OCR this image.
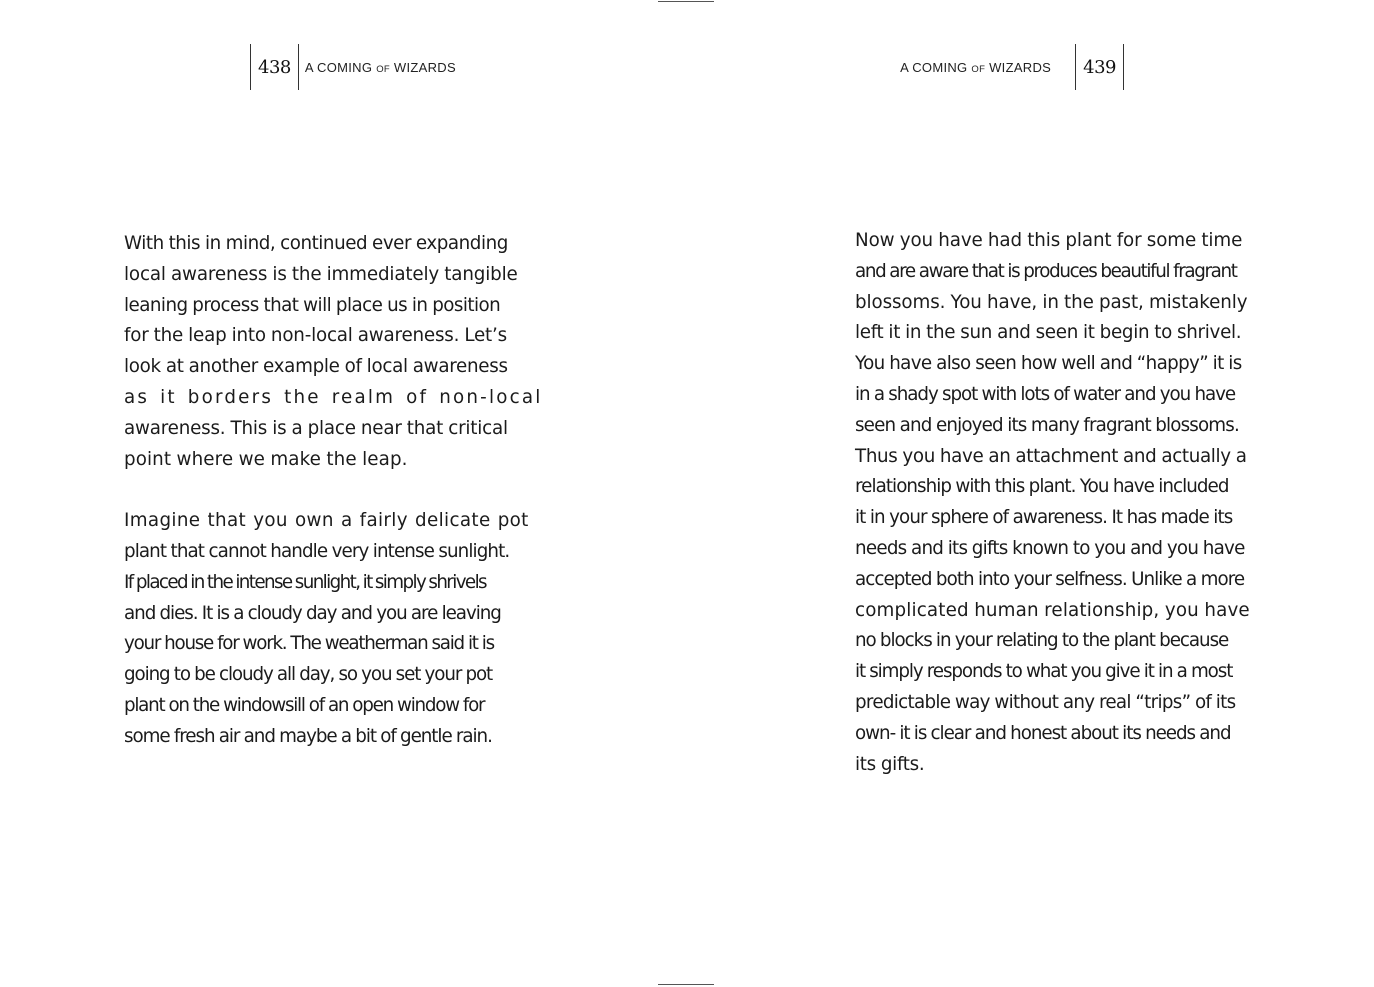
438	A COMING OF WIZARDS

With this in mind, continued ever expanding
local awareness is the immediately tangible
leaning process that will place us in position
for the leap into non-local awareness. Let’s
look at another example of local awareness
as it borders the realm of non-local
awareness. This is a place near that critical
point where we make the leap.

Imagine that you own a fairly delicate pot
plant that cannot handle very intense sunlight.
If placed in the intense sunlight, it simply shrivels
and dies. It is a cloudy day and you are leaving
your house for work. The weatherman said it is
going to be cloudy all day, so you set your pot
plant on the windowsill of an open window for
some fresh air and maybe a bit of gentle rain.

A COMING OF WIZARDS	439

Now you have had this plant for some time
and are aware that is produces beautiful fragrant
blossoms. You have, in the past, mistakenly
left it in the sun and seen it begin to shrivel.
You have also seen how well and “happy” it is
in a shady spot with lots of water and you have
seen and enjoyed its many fragrant blossoms.
Thus you have an attachment and actually a
relationship with this plant. You have included
it in your sphere of awareness. It has made its
needs and its gifts known to you and you have
accepted both into your selfness. Unlike a more
complicated human relationship, you have
no blocks in your relating to the plant because
it simply responds to what you give it in a most
predictable way without any real “trips” of its
own- it is clear and honest about its needs and
its gifts.
